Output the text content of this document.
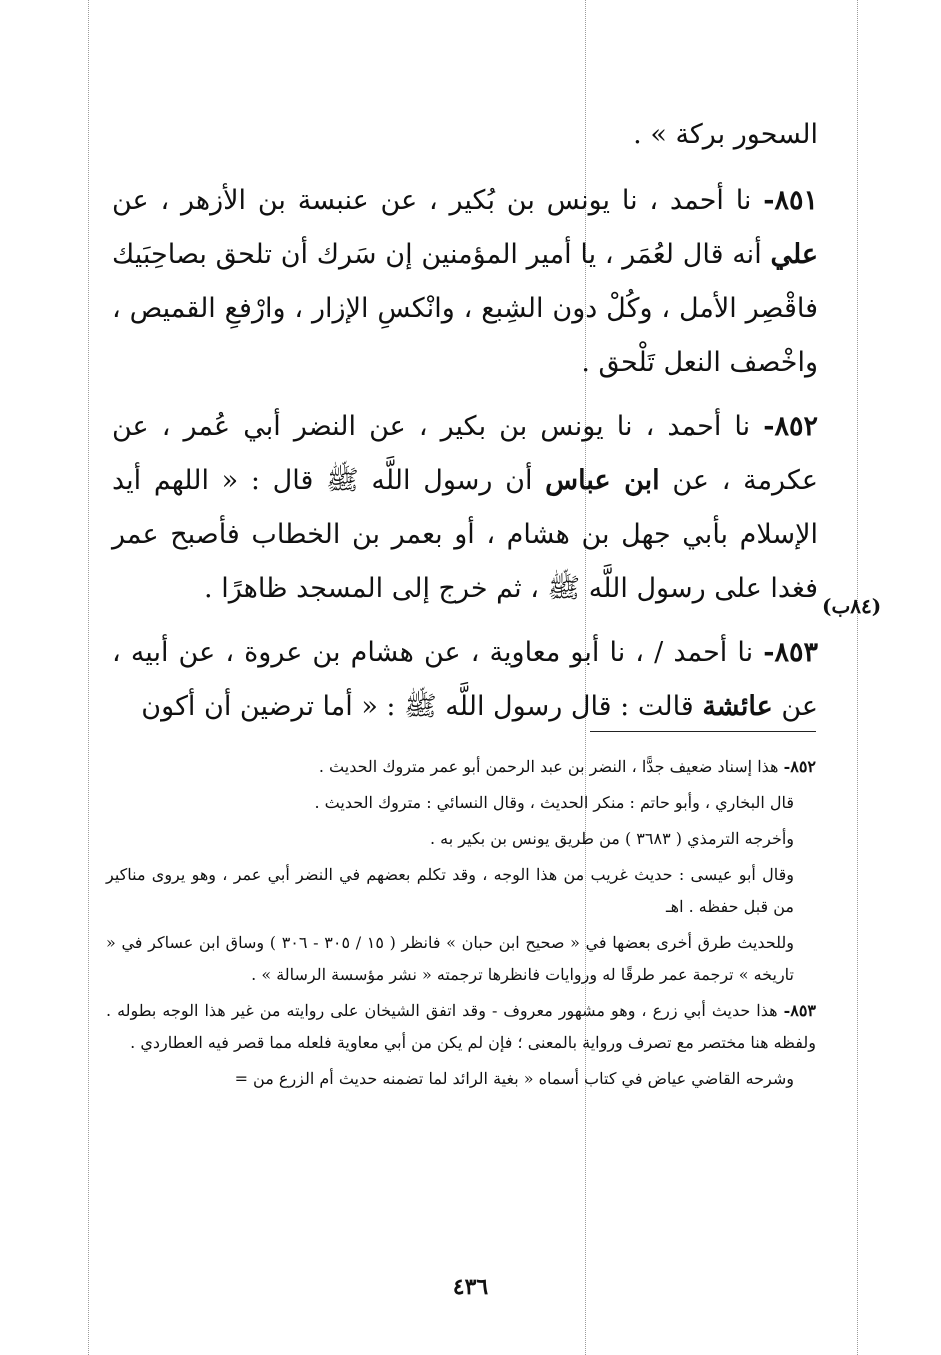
السحور بركة » .

٨٥١- نا أحمد ، نا يونس بن بُكير ، عن عنبسة بن الأزهر ، عن علي أنه قال لعُمَر ، يا أمير المؤمنين إن سَرك أن تلحق بصاحِبَيك فاقْصِر الأمل ، وكُلْ دون الشِبع ، وانْكسِ الإزار ، وارْفعِ القميص ، واخْصف النعل تَلْحق .

٨٥٢- نا أحمد ، نا يونس بن بكير ، عن النضر أبي عُمر ، عن عكرمة ، عن ابن عباس أن رسول اللَّه ﷺ قال : « اللهم أيد الإسلام بأبي جهل بن هشام ، أو بعمر بن الخطاب فأصبح عمر فغدا على رسول اللَّه ﷺ ، ثم خرج إلى المسجد ظاهرًا .

٨٥٣- نا أحمد / ، نا أبو معاوية ، عن هشام بن عروة ، عن أبيه ، عن عائشة قالت : قال رسول اللَّه ﷺ : « أما ترضين أن أكون

(٨٤ب)

٨٥٢- هذا إسناد ضعيف جدًّا ، النضر بن عبد الرحمن أبو عمر متروك الحديث .

قال البخاري ، وأبو حاتم : منكر الحديث ، وقال النسائي : متروك الحديث .

وأخرجه الترمذي ( ٣٦٨٣ ) من طريق يونس بن بكير به .

وقال أبو عيسى : حديث غريب من هذا الوجه ، وقد تكلم بعضهم في النضر أبي عمر ، وهو يروى مناكير من قبل حفظه . اهـ

وللحديث طرق أخرى بعضها في « صحيح ابن حبان » فانظر ( ١٥ / ٣٠٥ - ٣٠٦ ) وساق ابن عساكر في « تاريخه » ترجمة عمر طرقًا له وروايات فانظرها ترجمته « نشر مؤسسة الرسالة » .

٨٥٣- هذا حديث أبي زرع ، وهو مشهور معروف - وقد اتفق الشيخان على روايته من غير هذا الوجه بطوله . ولفظه هنا مختصر مع تصرف ورواية بالمعنى ؛ فإن لم يكن من أبي معاوية فلعله مما قصر فيه العطاردي .

وشرحه القاضي عياض في كتاب أسماه « بغية الرائد لما تضمنه حديث أم الزرع من =

٤٣٦
